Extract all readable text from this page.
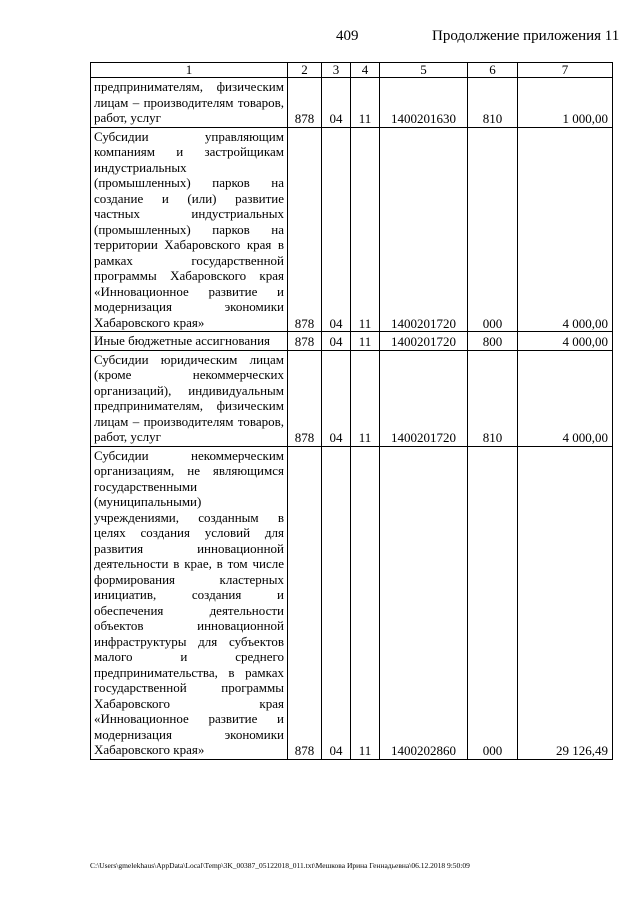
409	Продолжение приложения 11
1	2	3	4	5	6	7
предпринимателям, физическим лицам – производителям товаров, работ, услуг	878	04	11	1400201630	810	1 000,00
Субсидии управляющим компаниям и застройщикам индустриальных (промышленных) парков на создание и (или) развитие частных индустриальных (промышленных) парков на территории Хабаровского края в рамках государственной программы Хабаровского края «Инновационное развитие и модернизация экономики Хабаровского края»	878	04	11	1400201720	000	4 000,00
Иные бюджетные ассигнования	878	04	11	1400201720	800	4 000,00
Субсидии юридическим лицам (кроме некоммерческих организаций), индивидуальным предпринимателям, физическим лицам – производителям товаров, работ, услуг	878	04	11	1400201720	810	4 000,00
Субсидии некоммерческим организациям, не являющимся государственными (муниципальными) учреждениями, созданным в целях создания условий для развития инновационной деятельности в крае, в том числе формирования кластерных инициатив, создания и обеспечения деятельности объектов инновационной инфраструктуры для субъектов малого и среднего предпринимательства, в рамках государственной программы Хабаровского края «Инновационное развитие и модернизация экономики Хабаровского края»	878	04	11	1400202860	000	29 126,49
C:\Users\gmelekhaus\AppData\Local\Temp\3K_00387_05122018_011.txt\Мешкова Ирина Геннадьевна\06.12.2018 9:50:09
